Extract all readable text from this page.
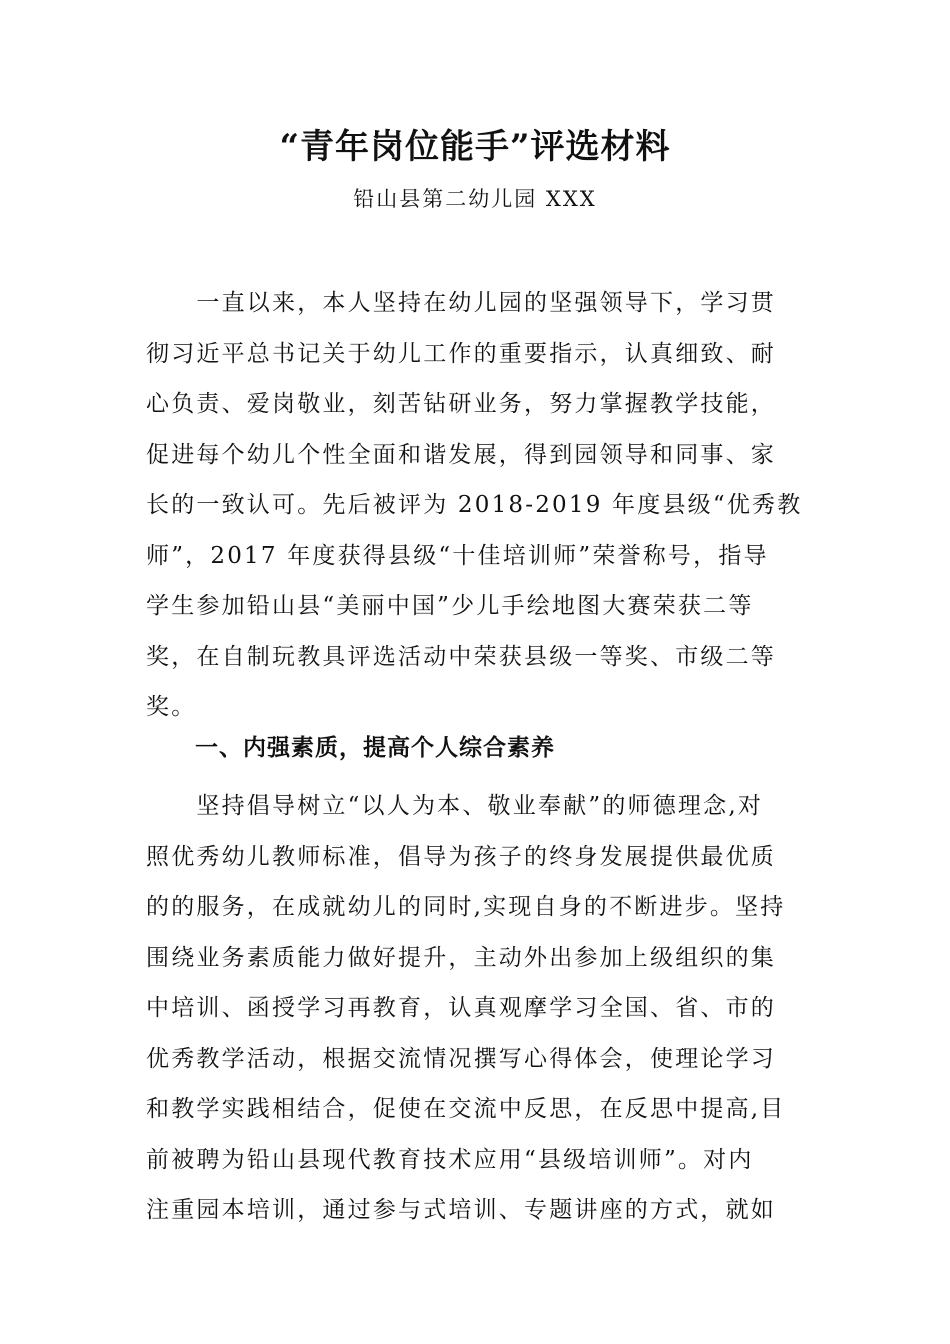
“青年岗位能手”评选材料
铅山县第二幼儿园 XXX
　　一直以来，本人坚持在幼儿园的坚强领导下，学习贯
彻习近平总书记关于幼儿工作的重要指示，认真细致、耐
心负责、爱岗敬业，刻苦钻研业务，努力掌握教学技能，
促进每个幼儿个性全面和谐发展，得到园领导和同事、家
长的一致认可。先后被评为 2018-2019 年度县级“优秀教
师”，2017 年度获得县级“十佳培训师”荣誉称号，指导
学生参加铅山县“美丽中国”少儿手绘地图大赛荣获二等
奖，在自制玩教具评选活动中荣获县级一等奖、市级二等
奖。
一、内强素质，提高个人综合素养
　　坚持倡导树立“以人为本、敬业奉献”的师德理念,对
照优秀幼儿教师标准，倡导为孩子的终身发展提供最优质
的的服务，在成就幼儿的同时,实现自身的不断进步。坚持
围绕业务素质能力做好提升，主动外出参加上级组织的集
中培训、函授学习再教育，认真观摩学习全国、省、市的
优秀教学活动，根据交流情况撰写心得体会，使理论学习
和教学实践相结合，促使在交流中反思，在反思中提高,目
前被聘为铅山县现代教育技术应用“县级培训师”。对内
注重园本培训，通过参与式培训、专题讲座的方式，就如
